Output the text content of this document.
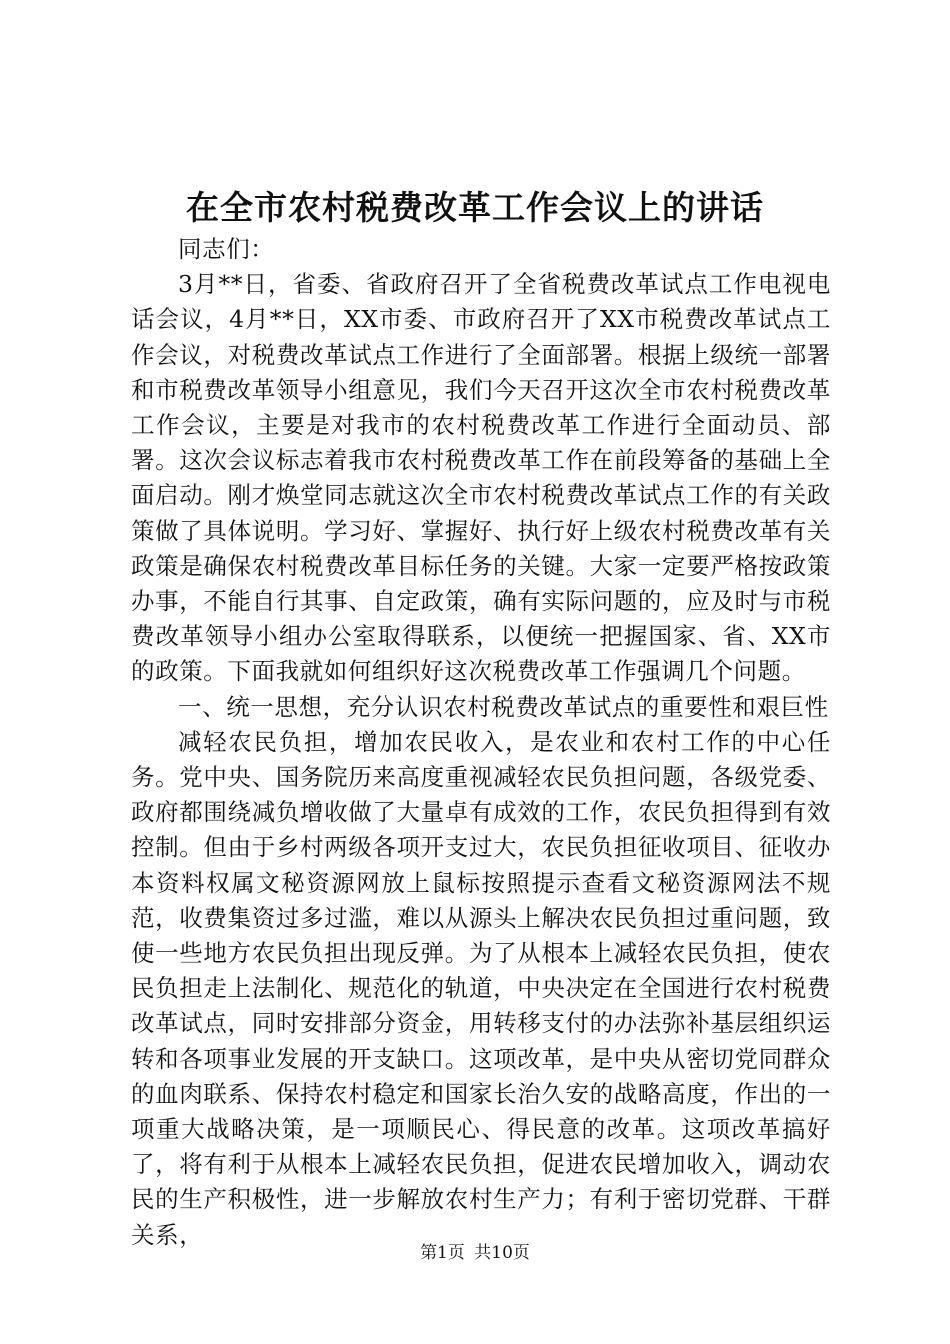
在全市农村税费改革工作会议上的讲话

同志们：

3月**日，省委、省政府召开了全省税费改革试点工作电视电话会议，4月**日，XX市委、市政府召开了XX市税费改革试点工作会议，对税费改革试点工作进行了全面部署。根据上级统一部署和市税费改革领导小组意见，我们今天召开这次全市农村税费改革工作会议，主要是对我市的农村税费改革工作进行全面动员、部署。这次会议标志着我市农村税费改革工作在前段筹备的基础上全面启动。刚才焕堂同志就这次全市农村税费改革试点工作的有关政策做了具体说明。学习好、掌握好、执行好上级农村税费改革有关政策是确保农村税费改革目标任务的关键。大家一定要严格按政策办事，不能自行其事、自定政策，确有实际问题的，应及时与市税费改革领导小组办公室取得联系，以便统一把握国家、省、XX市的政策。下面我就如何组织好这次税费改革工作强调几个问题。

一、统一思想，充分认识农村税费改革试点的重要性和艰巨性

减轻农民负担，增加农民收入，是农业和农村工作的中心任务。党中央、国务院历来高度重视减轻农民负担问题，各级党委、政府都围绕减负增收做了大量卓有成效的工作，农民负担得到有效控制。但由于乡村两级各项开支过大，农民负担征收项目、征收办本资料权属文秘资源网放上鼠标按照提示查看文秘资源网法不规范，收费集资过多过滥，难以从源头上解决农民负担过重问题，致使一些地方农民负担出现反弹。为了从根本上减轻农民负担，使农民负担走上法制化、规范化的轨道，中央决定在全国进行农村税费改革试点，同时安排部分资金，用转移支付的办法弥补基层组织运转和各项事业发展的开支缺口。这项改革，是中央从密切党同群众的血肉联系、保持农村稳定和国家长治久安的战略高度，作出的一项重大战略决策，是一项顺民心、得民意的改革。这项改革搞好了，将有利于从根本上减轻农民负担，促进农民增加收入，调动农民的生产积极性，进一步解放农村生产力；有利于密切党群、干群关系，

第1页 共10页
